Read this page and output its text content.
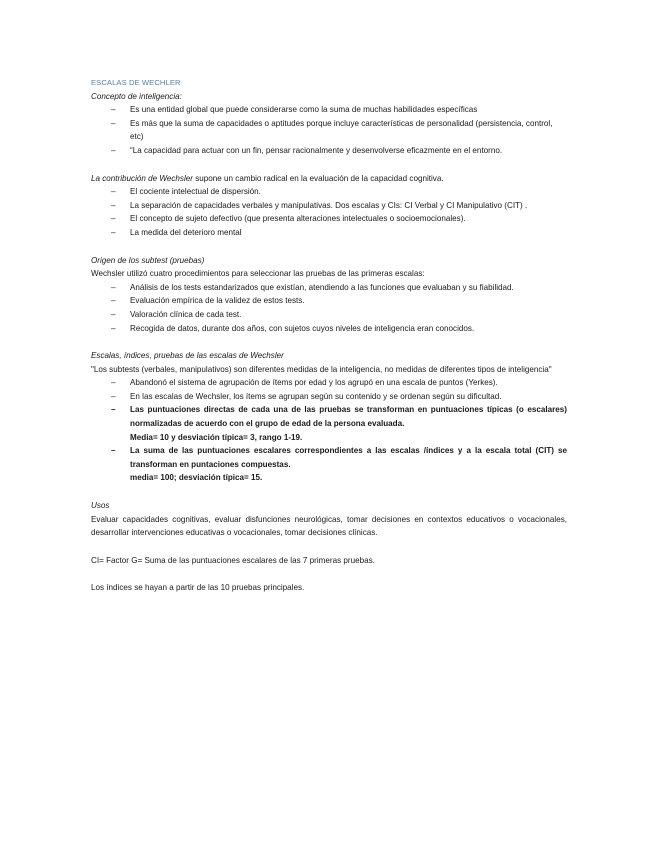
ESCALAS DE WECHLER
Concepto de inteligencia:
– Es una entidad global que puede considerarse como la suma de muchas habilidades específicas
– Es más que la suma de capacidades o aptitudes porque incluye características de personalidad (persistencia, control, etc)
– “La capacidad para actuar con un fin, pensar racionalmente y desenvolverse eficazmente en el entorno.

La contribución de Wechsler supone un cambio radical en la evaluación de la capacidad cognitiva.

– El cociente intelectual de dispersión.
– La separación de capacidades verbales y manipulativas. Dos escalas y CIs: CI Verbal y CI Manipulativo (CIT) .
– El concepto de sujeto defectivo (que presenta alteraciones intelectuales o socioemocionales).
– La medida del deterioro mental
Origen de los subtest (pruebas)

Wechsler utilizó cuatro procedimientos para seleccionar las pruebas de las primeras escalas:

– Análisis de los tests estandarizados que existían, atendiendo a las funciones que evaluaban y su fiabilidad.
– Evaluación empírica de la validez de estos tests.
– Valoración clínica de cada test.
– Recogida de datos, durante dos años, con sujetos cuyos niveles de inteligencia eran conocidos.
Escalas, índices, pruebas de las escalas de Wechsler

"Los subtests (verbales, manipulativos) son diferentes medidas de la inteligencia, no medidas de diferentes tipos de inteligencia"

– Abandonó el sistema de agrupación de ítems por edad y los agrupó en una escala de puntos (Yerkes).
– En las escalas de Wechsler, los ítems se agrupan según su contenido y se ordenan según su dificultad.
– Las puntuaciones directas de cada una de las pruebas se transforman en puntuaciones típicas (o escalares) normalizadas de acuerdo con el grupo de edad de la persona evaluada.
Media= 10 y desviación típica= 3, rango 1-19.
– La suma de las puntuaciones escalares correspondientes a las escalas /índices y a la escala total (CIT) se transforman en puntaciones compuestas.
media= 100; desviación típica= 15.
Usos

Evaluar capacidades cognitivas, evaluar disfunciones neurológicas, tomar decisiones en contextos educativos o vocacionales, desarrollar intervenciones educativas o vocacionales, tomar decisiones clínicas.

CI= Factor G= Suma de las puntuaciones escalares de las 7 primeras pruebas.

Los índices se hayan a partir de las 10 pruebas principales.
